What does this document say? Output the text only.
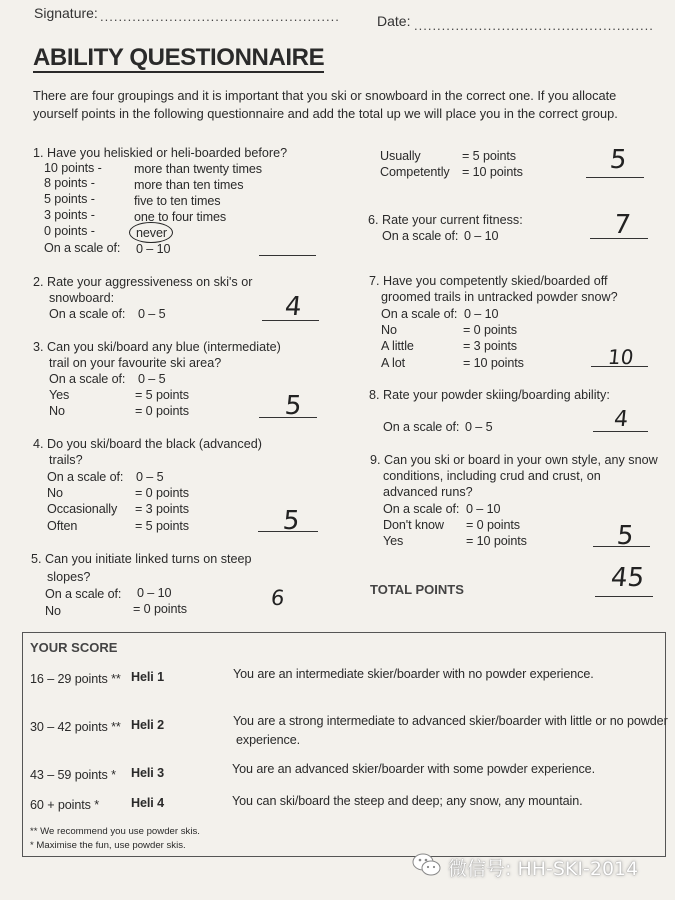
Signature: ....................................................	Date: ....................................................
ABILITY QUESTIONNAIRE
There are four groupings and it is important that you ski or snowboard in the correct one. If you allocate yourself points in the following questionnaire and add the total up we will place you in the correct group.
1. Have you heliskied or heli-boarded before?
10 points -	more than twenty times
8 points -	more than ten times
5 points -	five to ten times
3 points -	one to four times
0 points -	never
On a scale of: 0 – 10
2. Rate your aggressiveness on ski's or
snowboard:
On a scale of: 0 – 5	4
3. Can you ski/board any blue (intermediate)
trail on your favourite ski area?
On a scale of: 0 – 5
Yes	= 5 points
No	= 0 points	5
4. Do you ski/board the black (advanced)
trails?
On a scale of: 0 – 5
No	= 0 points
Occasionally = 3 points
Often	= 5 points	5
5. Can you initiate linked turns on steep
slopes?
On a scale of: 0 – 10
No	= 0 points	6
Usually	= 5 points
Competently = 10 points	5
6. Rate your current fitness:
On a scale of: 0 – 10	7
7. Have you competently skied/boarded off
groomed trails in untracked powder snow?
On a scale of: 0 – 10
No	= 0 points
A little	= 3 points
A lot	= 10 points	10
8. Rate your powder skiing/boarding ability:
On a scale of: 0 – 5	4
9. Can you ski or board in your own style, any snow
conditions, including crud and crust, on
advanced runs?
On a scale of: 0 – 10
Don't know = 0 points
Yes	= 10 points	5
TOTAL POINTS	45
YOUR SCORE
16 – 29 points ** Heli 1	You are an intermediate skier/boarder with no powder experience.
30 – 42 points ** Heli 2	You are a strong intermediate to advanced skier/boarder with little or no powder
experience.
43 – 59 points * Heli 3	You are an advanced skier/boarder with some powder experience.
60 + points *	Heli 4	You can ski/board the steep and deep; any snow, any mountain.
** We recommend you use powder skis.
* Maximise the fun, use powder skis.
微信号: HH-SKI-2014
